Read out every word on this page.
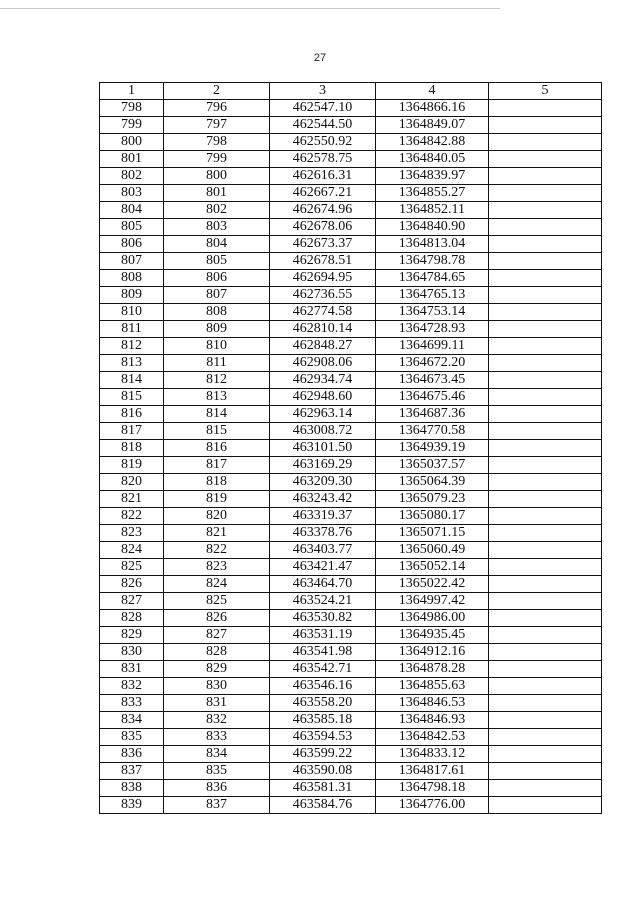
27
1	2	3	4	5
798	796	462547.10	1364866.16	
799	797	462544.50	1364849.07	
800	798	462550.92	1364842.88	
801	799	462578.75	1364840.05	
802	800	462616.31	1364839.97	
803	801	462667.21	1364855.27	
804	802	462674.96	1364852.11	
805	803	462678.06	1364840.90	
806	804	462673.37	1364813.04	
807	805	462678.51	1364798.78	
808	806	462694.95	1364784.65	
809	807	462736.55	1364765.13	
810	808	462774.58	1364753.14	
811	809	462810.14	1364728.93	
812	810	462848.27	1364699.11	
813	811	462908.06	1364672.20	
814	812	462934.74	1364673.45	
815	813	462948.60	1364675.46	
816	814	462963.14	1364687.36	
817	815	463008.72	1364770.58	
818	816	463101.50	1364939.19	
819	817	463169.29	1365037.57	
820	818	463209.30	1365064.39	
821	819	463243.42	1365079.23	
822	820	463319.37	1365080.17	
823	821	463378.76	1365071.15	
824	822	463403.77	1365060.49	
825	823	463421.47	1365052.14	
826	824	463464.70	1365022.42	
827	825	463524.21	1364997.42	
828	826	463530.82	1364986.00	
829	827	463531.19	1364935.45	
830	828	463541.98	1364912.16	
831	829	463542.71	1364878.28	
832	830	463546.16	1364855.63	
833	831	463558.20	1364846.53	
834	832	463585.18	1364846.93	
835	833	463594.53	1364842.53	
836	834	463599.22	1364833.12	
837	835	463590.08	1364817.61	
838	836	463581.31	1364798.18	
839	837	463584.76	1364776.00	
